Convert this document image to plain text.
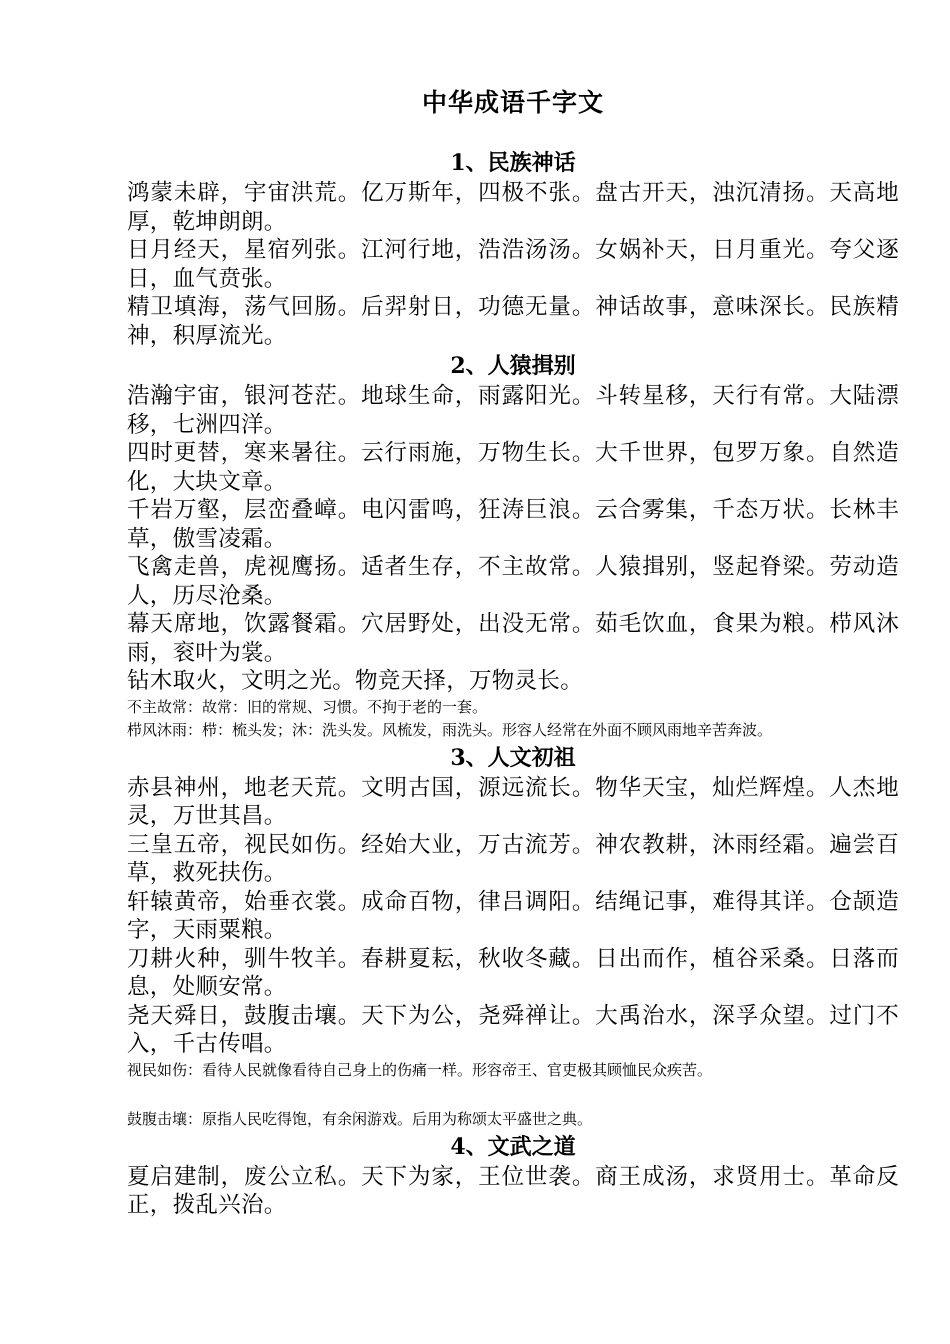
中华成语千字文
1、民族神话

鸿蒙未辟，宇宙洪荒。亿万斯年，四极不张。盘古开天，浊沉清扬。天高地厚，乾坤朗朗。

日月经天，星宿列张。江河行地，浩浩汤汤。女娲补天，日月重光。夸父逐日，血气贲张。

精卫填海，荡气回肠。后羿射日，功德无量。神话故事，意味深长。民族精神，积厚流光。

2、人猿揖别

浩瀚宇宙，银河苍茫。地球生命，雨露阳光。斗转星移，天行有常。大陆漂移，七洲四洋。

四时更替，寒来暑往。云行雨施，万物生长。大千世界，包罗万象。自然造化，大块文章。

千岩万壑，层峦叠嶂。电闪雷鸣，狂涛巨浪。云合雾集，千态万状。长林丰草，傲雪凌霜。

飞禽走兽，虎视鹰扬。适者生存，不主故常。人猿揖别，竖起脊梁。劳动造人，历尽沧桑。

幕天席地，饮露餐霜。穴居野处，出没无常。茹毛饮血，食果为粮。栉风沐雨，衮叶为裳。

钻木取火，文明之光。物竞天择，万物灵长。

不主故常：故常：旧的常规、习惯。不拘于老的一套。

栉风沐雨：栉：梳头发；沐：洗头发。风梳发，雨洗头。形容人经常在外面不顾风雨地辛苦奔波。

3、人文初祖

赤县神州，地老天荒。文明古国，源远流长。物华天宝，灿烂辉煌。人杰地灵，万世其昌。

三皇五帝，视民如伤。经始大业，万古流芳。神农教耕，沐雨经霜。遍尝百草，救死扶伤。

轩辕黄帝，始垂衣裳。成命百物，律吕调阳。结绳记事，难得其详。仓颉造字，天雨粟粮。

刀耕火种，驯牛牧羊。春耕夏耘，秋收冬藏。日出而作，植谷采桑。日落而息，处顺安常。

尧天舜日，鼓腹击壤。天下为公，尧舜禅让。大禹治水，深孚众望。过门不入，千古传唱。

视民如伤：看待人民就像看待自己身上的伤痛一样。形容帝王、官吏极其顾恤民众疾苦。

鼓腹击壤：原指人民吃得饱，有余闲游戏。后用为称颂太平盛世之典。

4、文武之道

夏启建制，废公立私。天下为家，王位世袭。商王成汤，求贤用士。革命反正，拨乱兴治。
